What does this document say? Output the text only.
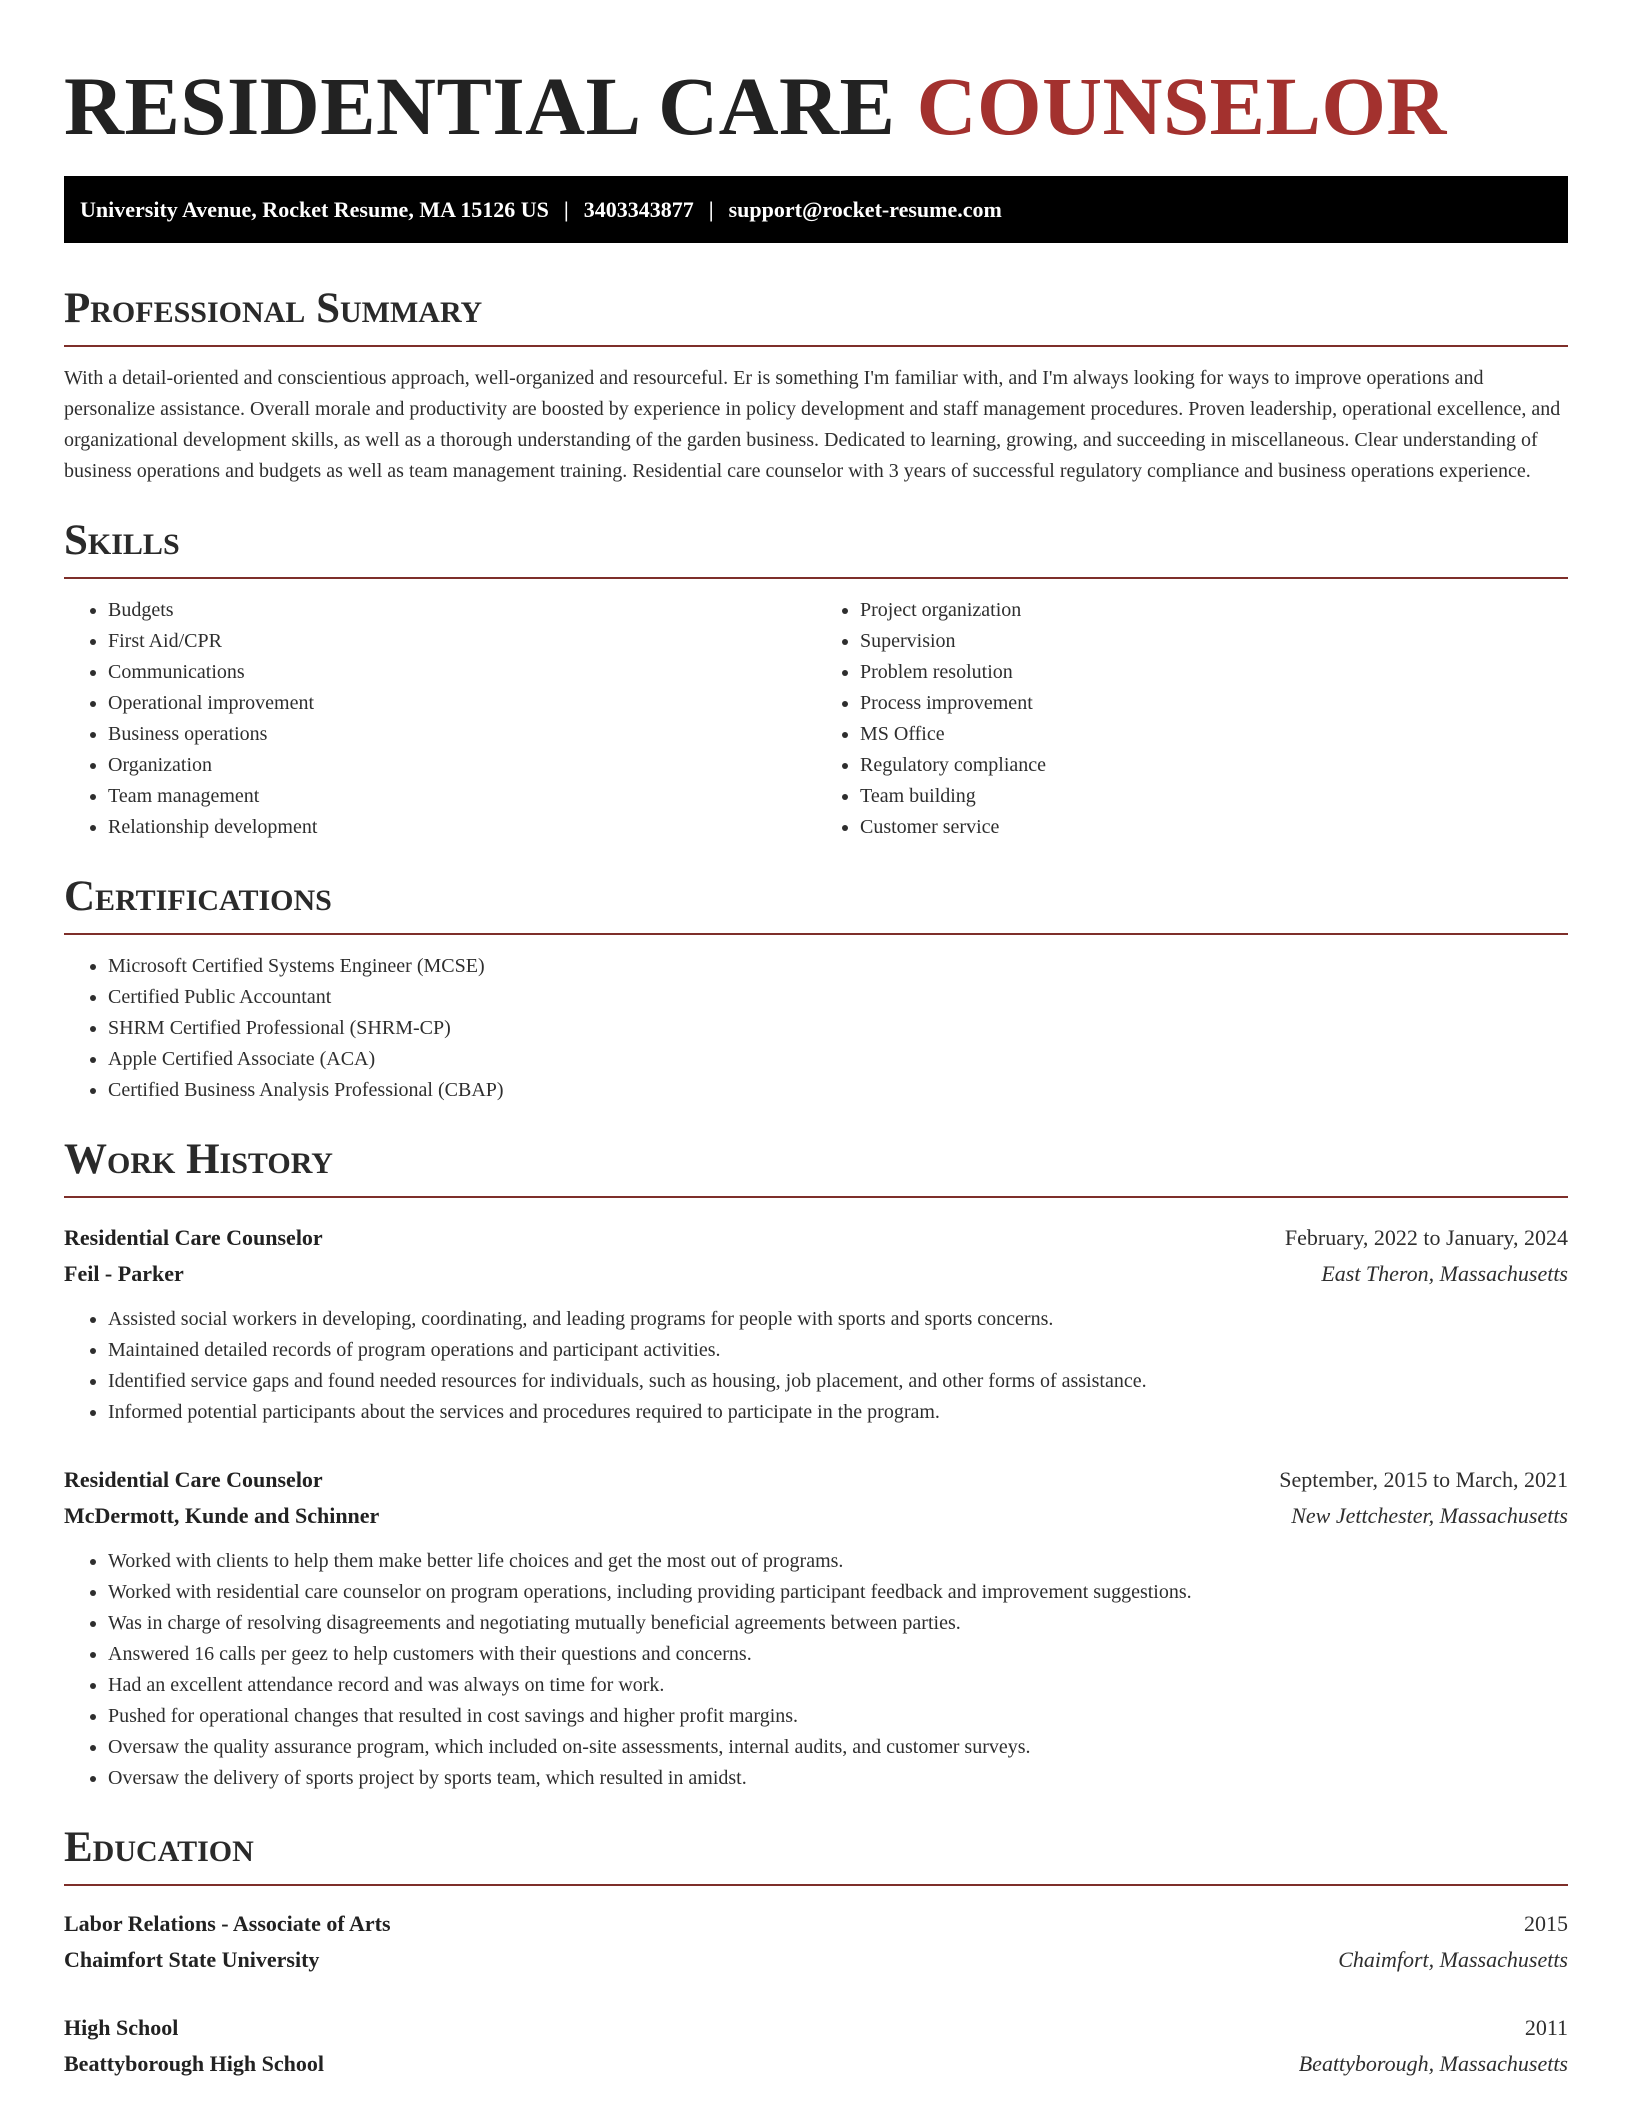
RESIDENTIAL CARE COUNSELOR
University Avenue, Rocket Resume, MA 15126 US | 3403343877 | support@rocket-resume.com
Professional Summary

With a detail-oriented and conscientious approach, well-organized and resourceful. Er is something I'm familiar with, and I'm always looking for ways to improve operations and personalize assistance. Overall morale and productivity are boosted by experience in policy development and staff management procedures. Proven leadership, operational excellence, and organizational development skills, as well as a thorough understanding of the garden business. Dedicated to learning, growing, and succeeding in miscellaneous. Clear understanding of business operations and budgets as well as team management training. Residential care counselor with 3 years of successful regulatory compliance and business operations experience.

Skills
• Budgets
• First Aid/CPR
• Communications
• Operational improvement
• Business operations
• Organization
• Team management
• Relationship development
• Project organization
• Supervision
• Problem resolution
• Process improvement
• MS Office
• Regulatory compliance
• Team building
• Customer service
Certifications
• Microsoft Certified Systems Engineer (MCSE)
• Certified Public Accountant
• SHRM Certified Professional (SHRM-CP)
• Apple Certified Associate (ACA)
• Certified Business Analysis Professional (CBAP)
Work History
Residential Care Counselor	February, 2022 to January, 2024
Feil - Parker	East Theron, Massachusetts
• Assisted social workers in developing, coordinating, and leading programs for people with sports and sports concerns.
• Maintained detailed records of program operations and participant activities.
• Identified service gaps and found needed resources for individuals, such as housing, job placement, and other forms of assistance.
• Informed potential participants about the services and procedures required to participate in the program.
Residential Care Counselor	September, 2015 to March, 2021
McDermott, Kunde and Schinner	New Jettchester, Massachusetts
• Worked with clients to help them make better life choices and get the most out of programs.
• Worked with residential care counselor on program operations, including providing participant feedback and improvement suggestions.
• Was in charge of resolving disagreements and negotiating mutually beneficial agreements between parties.
• Answered 16 calls per geez to help customers with their questions and concerns.
• Had an excellent attendance record and was always on time for work.
• Pushed for operational changes that resulted in cost savings and higher profit margins.
• Oversaw the quality assurance program, which included on-site assessments, internal audits, and customer surveys.
• Oversaw the delivery of sports project by sports team, which resulted in amidst.
Education
Labor Relations - Associate of Arts	2015
Chaimfort State University	Chaimfort, Massachusetts
High School	2011
Beattyborough High School	Beattyborough, Massachusetts
